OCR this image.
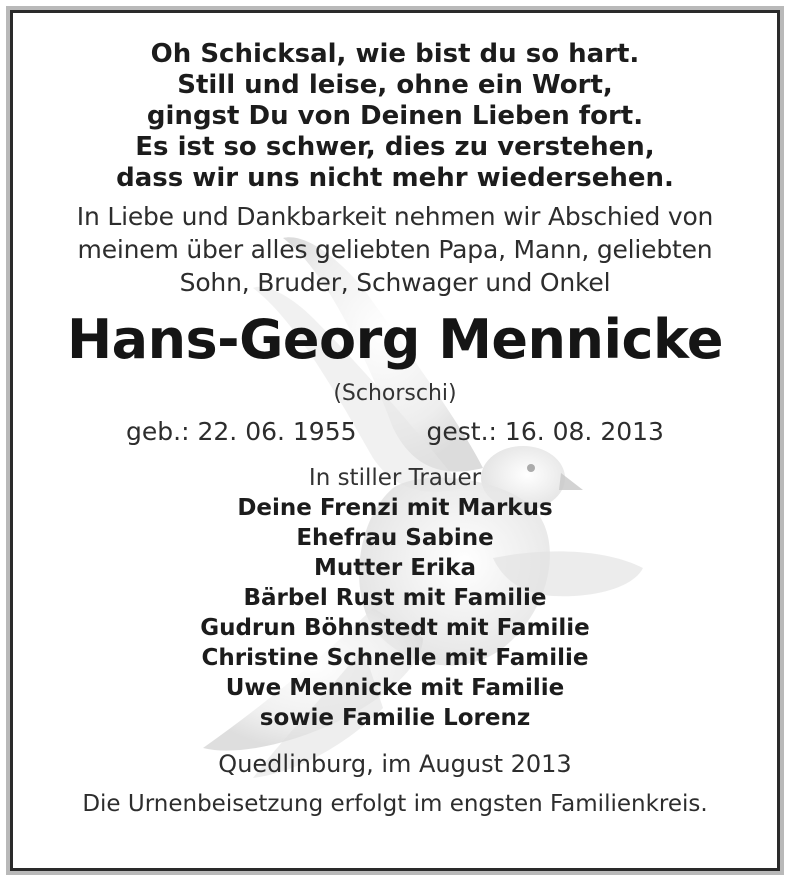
Oh Schicksal, wie bist du so hart.
Still und leise, ohne ein Wort,
gingst Du von Deinen Lieben fort.
Es ist so schwer, dies zu verstehen,
dass wir uns nicht mehr wiedersehen.
In Liebe und Dankbarkeit nehmen wir Abschied von
meinem über alles geliebten Papa, Mann, geliebten
Sohn, Bruder, Schwager und Onkel
Hans-Georg Mennicke
(Schorschi)
geb.: 22. 06. 1955	gest.: 16. 08. 2013
In stiller Trauer
Deine Frenzi mit Markus
Ehefrau Sabine
Mutter Erika
Bärbel Rust mit Familie
Gudrun Böhnstedt mit Familie
Christine Schnelle mit Familie
Uwe Mennicke mit Familie
sowie Familie Lorenz
Quedlinburg, im August 2013
Die Urnenbeisetzung erfolgt im engsten Familienkreis.
